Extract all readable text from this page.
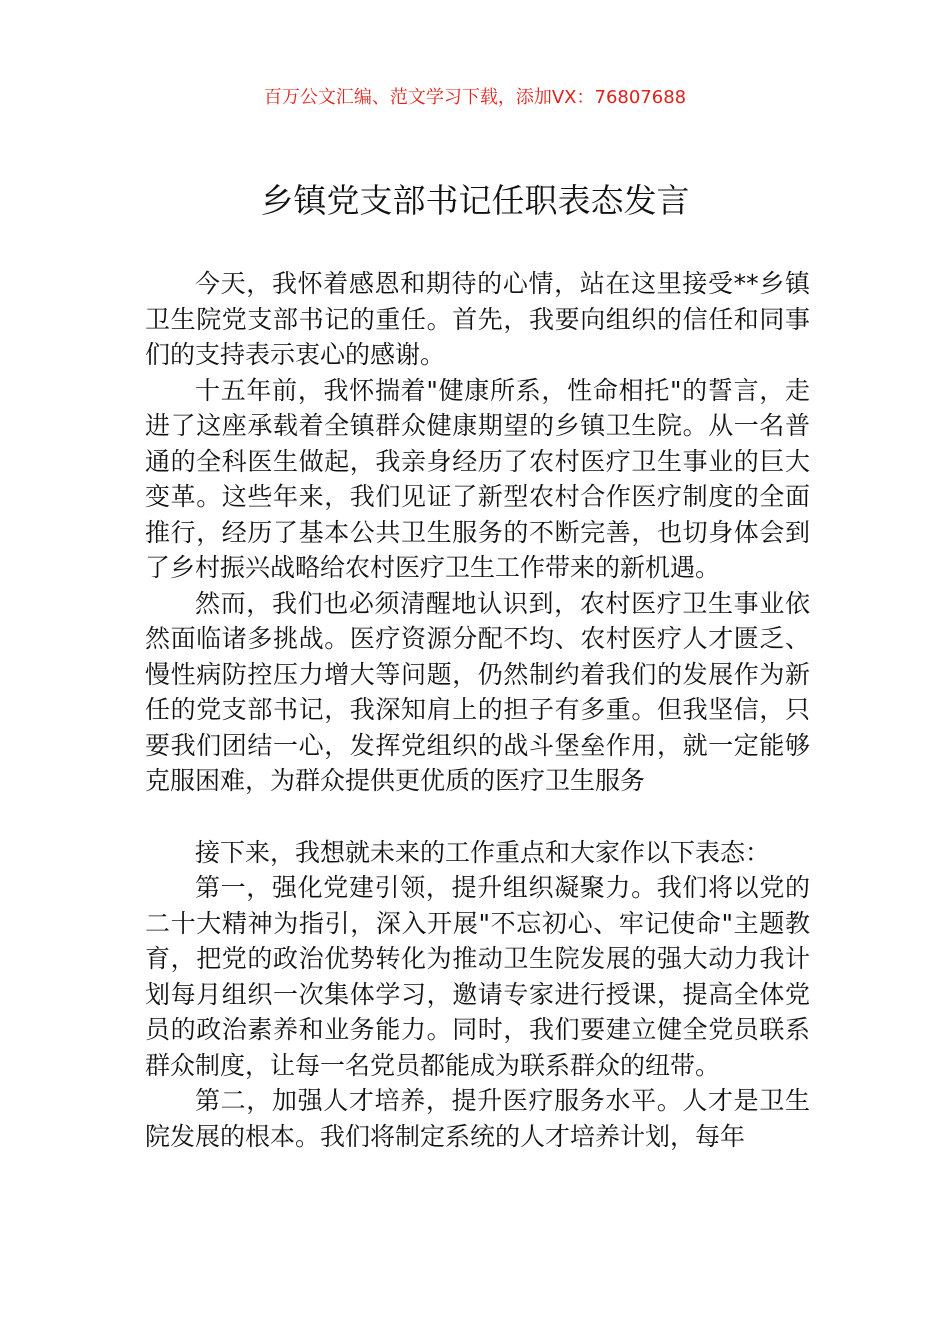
百万公文汇编、范文学习下载，添加VX：76807688
乡镇党支部书记任职表态发言

今天，我怀着感恩和期待的心情，站在这里接受**乡镇卫生院党支部书记的重任。首先，我要向组织的信任和同事们的支持表示衷心的感谢。

十五年前，我怀揣着"健康所系，性命相托"的誓言，走进了这座承载着全镇群众健康期望的乡镇卫生院。从一名普通的全科医生做起，我亲身经历了农村医疗卫生事业的巨大变革。这些年来，我们见证了新型农村合作医疗制度的全面推行，经历了基本公共卫生服务的不断完善，也切身体会到了乡村振兴战略给农村医疗卫生工作带来的新机遇。

然而，我们也必须清醒地认识到，农村医疗卫生事业依然面临诸多挑战。医疗资源分配不均、农村医疗人才匮乏、慢性病防控压力增大等问题，仍然制约着我们的发展作为新任的党支部书记，我深知肩上的担子有多重。但我坚信，只要我们团结一心，发挥党组织的战斗堡垒作用，就一定能够克服困难，为群众提供更优质的医疗卫生服务

接下来，我想就未来的工作重点和大家作以下表态：

第一，强化党建引领，提升组织凝聚力。我们将以党的二十大精神为指引，深入开展"不忘初心、牢记使命"主题教育，把党的政治优势转化为推动卫生院发展的强大动力我计划每月组织一次集体学习，邀请专家进行授课，提高全体党员的政治素养和业务能力。同时，我们要建立健全党员联系群众制度，让每一名党员都能成为联系群众的纽带。

第二，加强人才培养，提升医疗服务水平。人才是卫生院发展的根本。我们将制定系统的人才培养计划，每年
